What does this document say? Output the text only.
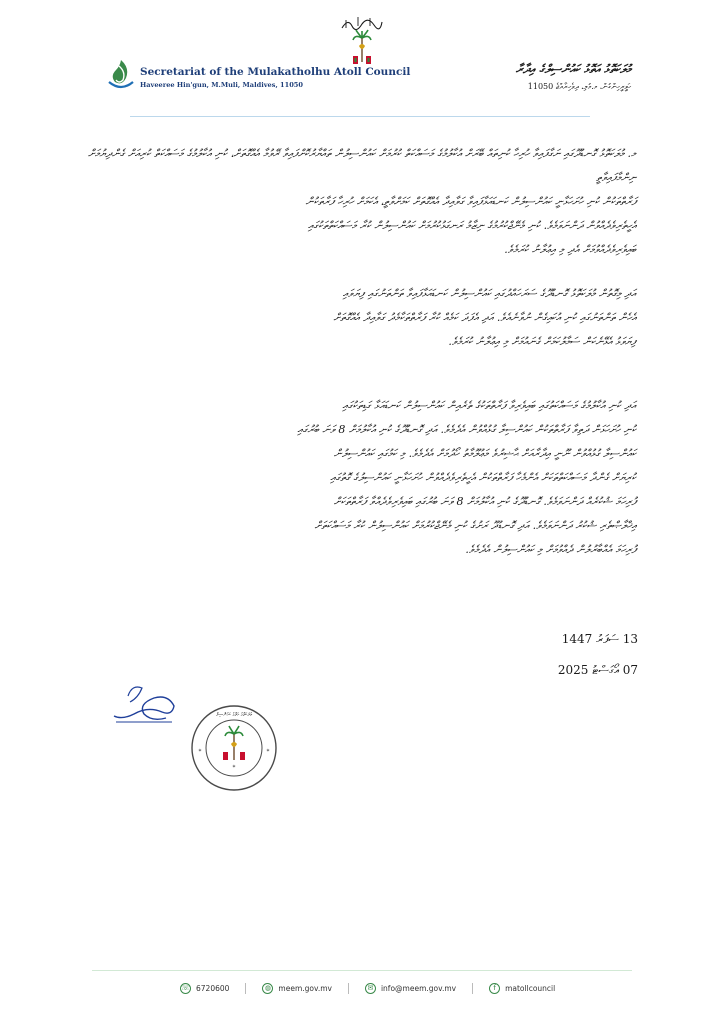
Secretariat of the Mulakatholhu Atoll Council
Haveeree Hin'gun, M.Muli, Maldives, 11050
މުލަކަތޮޅު އަތޮޅު ކައުންސިލްގެ އިދާރާ
ހަވީރީހިންގުން، މ.މުލި، ދިވެހިރާއްޖެ 11050
މ. މުލަކަތޮޅު ގޮނޑުދޫގައި ނަގާފައިވާ ހުރިހާ ކުނިތައް ބޭރަށް އުކާލުމުގެ މަސައްކަތް ކުރުމަށް ކައުންސިލުން ތައްޔާރުކޮށްފައިވާ ރޭވުމާ އެއްގޮތަށް، ކުނި އުކާލުމުގެ މަސައްކަތް ކުރިއަށް ގެންދިޔުމަށް ނިންމާފައިވާތީ
ފަރާތްތަކުން ކުނި ހުށަހަޅާނީ ކައުންސިލުން ކަނޑައަޅާފައިވާ ގަވާއިދާ އެއްގޮތަށް ކަމަށްވާތީ، އެކަމަށް ހުރިހާ ފަރާތަކުން
އެހީތެރިވެދެއްވުން ދަންނަވަމެވެ. ކުނި މެނޭޖްކުރުމުގެ ނިޒާމު ރަނގަޅުކުރުމަށް ކައުންސިލުން ކުރާ މަސައްކަތްތަކުގައި
ބައިވެރިވެދެއްވުމަށް އެދި މި އިޢުލާނު ކުރަމެވެ.
އަދި މިގޮތުން މުލަކަތޮޅު ގޮނޑުދޫގެ ސަރަހައްދުގައި ކައުންސިލުން ކަނޑައަޅާފައިވާ ތަންތަނުގައި ފިޔަވައި
އެހެން ތަންތަނުގައި ކުނި އުކައިގެން ނުވާނެއެވެ. އަދި އެފަދަ ކަމެއް ކުރާ ފަރާތްތަކާމެދު ގަވާއިދާ އެއްގޮތަށް
ފިޔަވަޅު އެޅޭނެކަން ސަމާލުކަމަށް ގެނައުމަށް މި އިޢުލާނު ކުރަމެވެ.
އަދި ކުނި އުކާލުމުގެ މަސައްކަތުގައި ބައިވެރިވާ ފަރާތްތަކުގެ ތެރެއިން ކައުންސިލުން ކަނޑައަޅާ ގަޑިތަކުގައި
ކުނި ހުށަހަޅަން ދަތިވާ ފަރާތްތަކުން ކައުންސިލާ ގުޅުއްވުން އެދެމެވެ. އަދި ގޮނޑުދޫގެ ކުނި އުކާލުމަށް 8 ވަނަ ބުރުގައި
ކައުންސިލާ ގުޅުއްވުން ނޫނީ އިދާރާއަށް ޙާޟިރުވެ މަޢުލޫމާތު ހޯދުމަށް އެދެމެވެ. މި ކަމުގައި ކައުންސިލުން
ކުރިޔަށް ގެންދާ މަސައްކަތްތަކަށް އެންމެހާ ފަރާތްތަކުން އެހީތެރިވެދެއްވުން ހުށަހަޅާނީ ކައުންސިލުގެ ގޮތުގައި
ފުރިހަމަ ޝުކުރެއް ދަންނަވަމެވެ. ގޮނޑުދޫގެ ކުނި އުކާލުމަށް 8 ވަނަ ބުރުގައި ބައިވެރިވެދެއްވާ ފަރާތްތަކަށް
އިޚްލާޞްތެރި ޝުކުރު ދަންނަވަމެވެ. އަދި ގޮނޑުދޫ ރަށުގެ ކުނި މެނޭޖްކުރުމަށް ކައުންސިލުން ކުރާ މަސައްކަތަށް
ފުރިހަމަ އެއްބާރުލުން ދެއްވުމަށް މި ކައުންސިލުން އެދެމެވެ.
13 ސަފަރު 1447
07 އޯގަސްޓު 2025
✶
މުލަކަތޮޅު އަތޮޅު ކައުންސިލް
✶	✶
☏ 6720600	◍ meem.gov.mv	✉	info@meem.gov.mv	f	matollcouncil
